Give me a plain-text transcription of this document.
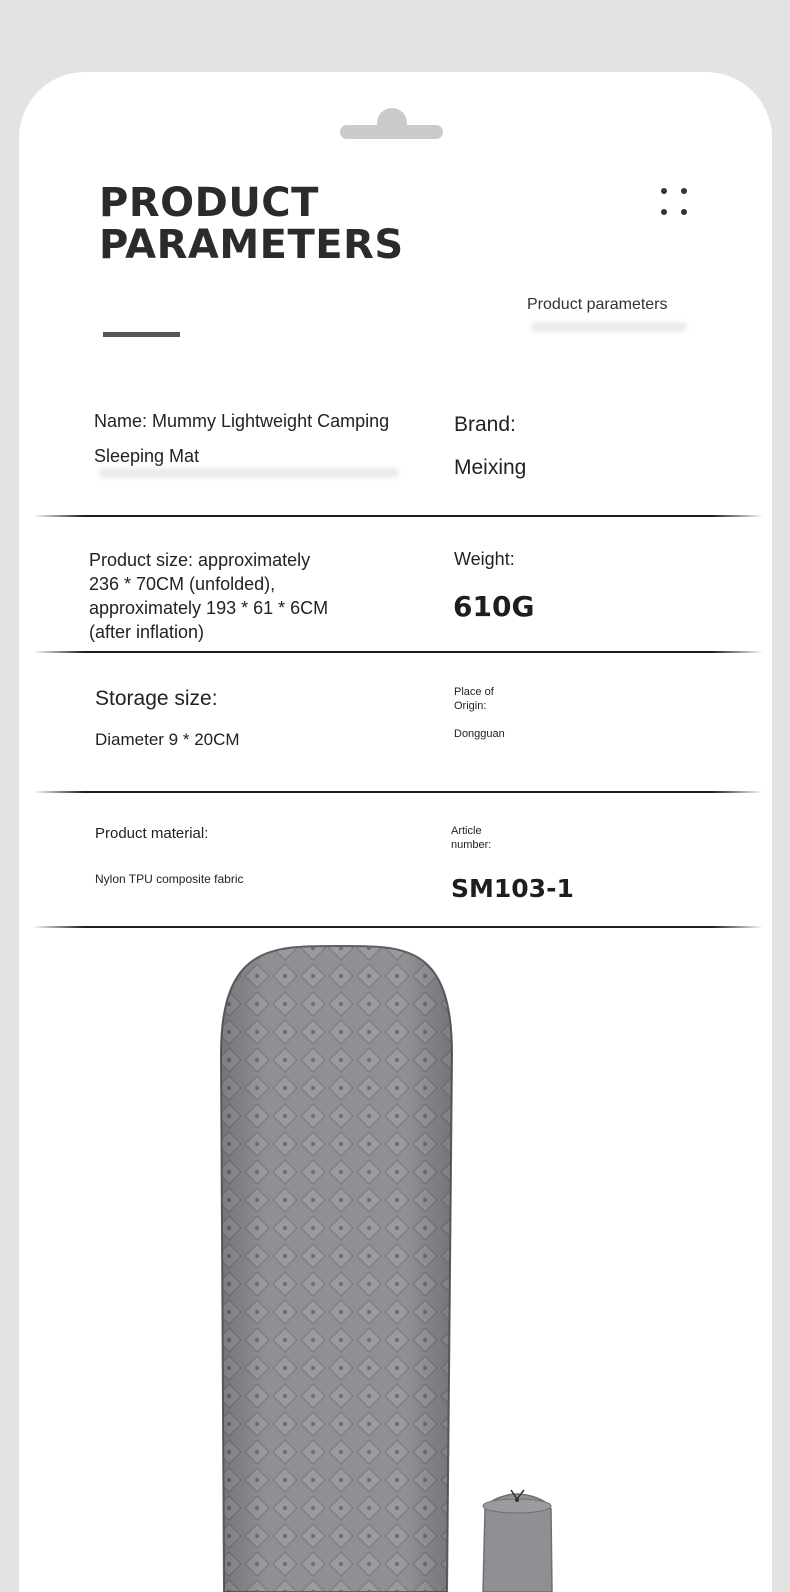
PRODUCT
PARAMETERS
Product parameters
Name: Mummy Lightweight Camping
Sleeping Mat
Brand:
Meixing
Product size: approximately
236 * 70CM (unfolded),
approximately 193 * 61 * 6CM
(after inflation)
Weight:
610G
Storage size:
Diameter 9 * 20CM
Place of
Origin:
Dongguan
Product material:
Nylon TPU composite fabric
Article
number:
SM103-1
